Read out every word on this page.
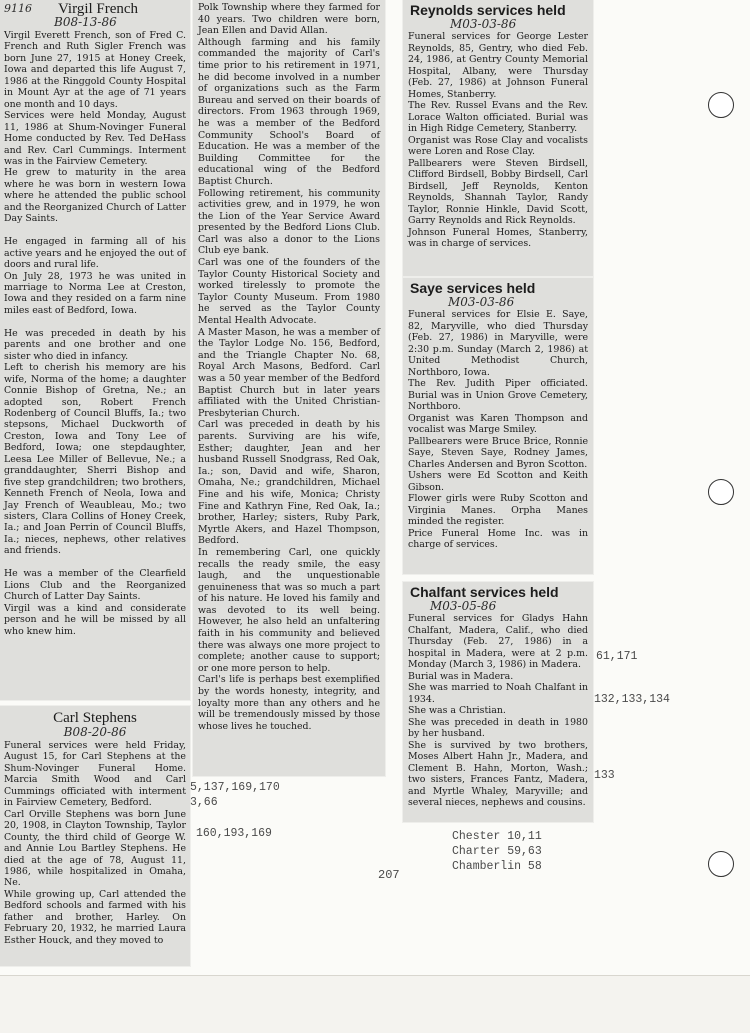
9116 Virgil French
B08-13-86
Virgil Everett French, son of Fred C. French and Ruth Sigler French was born June 27, 1915 at Honey Creek, Iowa and departed this life August 7, 1986 at the Ringgold County Hospital in Mount Ayr at the age of 71 years one month and 10 days.
Services were held Monday, August 11, 1986 at Shum-Novinger Funeral Home conducted by Rev. Ted DeHass and Rev. Carl Cummings. Interment was in the Fairview Cemetery.
He grew to maturity in the area where he was born in western Iowa where he attended the public school and the Reorganized Church of Latter Day Saints.

He engaged in farming all of his active years and he enjoyed the out of doors and rural life.
On July 28, 1973 he was united in marriage to Norma Lee at Creston, Iowa and they resided on a farm nine miles east of Bedford, Iowa.

He was preceded in death by his parents and one brother and one sister who died in infancy.
Left to cherish his memory are his wife, Norma of the home; a daughter Connie Bishop of Gretna, Ne.; an adopted son, Robert French Rodenberg of Council Bluffs, Ia.; two stepsons, Michael Duckworth of Creston, Iowa and Tony Lee of Bedford, Iowa; one stepdaughter, Leesa Lee Miller of Bellevue, Ne.; a granddaughter, Sherri Bishop and five step grandchildren; two brothers, Kenneth French of Neola, Iowa and Jay French of Weaubleau, Mo.; two sisters, Clara Collins of Honey Creek, Ia.; and Joan Perrin of Council Bluffs, Ia.; nieces, nephews, other relatives and friends.

He was a member of the Clearfield Lions Club and the Reorganized Church of Latter Day Saints.
Virgil was a kind and considerate person and he will be missed by all who knew him.
Carl Stephens
B08-20-86
Funeral services were held Friday, August 15, for Carl Stephens at the Shum-Novinger Funeral Home. Marcia Smith Wood and Carl Cummings officiated with interment in Fairview Cemetery, Bedford.
Carl Orville Stephens was born June 20, 1908, in Clayton Township, Taylor County, the third child of George W. and Annie Lou Bartley Stephens. He died at the age of 78, August 11, 1986, while hospitalized in Omaha, Ne.
While growing up, Carl attended the Bedford schools and farmed with his father and brother, Harley. On February 20, 1932, he married Laura Esther Houck, and they moved to
Polk Township where they farmed for 40 years. Two children were born, Jean Ellen and David Allan.
Although farming and his family commanded the majority of Carl's time prior to his retirement in 1971, he did become involved in a number of organizations such as the Farm Bureau and served on their boards of directors. From 1963 through 1969, he was a member of the Bedford Community School's Board of Education. He was a member of the Building Committee for the educational wing of the Bedford Baptist Church.
Following retirement, his community activities grew, and in 1979, he won the Lion of the Year Service Award presented by the Bedford Lions Club. Carl was also a donor to the Lions Club eye bank.
Carl was one of the founders of the Taylor County Historical Society and worked tirelessly to promote the Taylor County Museum. From 1980 he served as the Taylor County Mental Health Advocate.
A Master Mason, he was a member of the Taylor Lodge No. 156, Bedford, and the Triangle Chapter No. 68, Royal Arch Masons, Bedford. Carl was a 50 year member of the Bedford Baptist Church but in later years affiliated with the United Christian-Presbyterian Church.
Carl was preceded in death by his parents. Surviving are his wife, Esther; daughter, Jean and her husband Russell Snodgrass, Red Oak, Ia.; son, David and wife, Sharon, Omaha, Ne.; grandchildren, Michael Fine and his wife, Monica; Christy Fine and Kathryn Fine, Red Oak, Ia.; brother, Harley; sisters, Ruby Park, Myrtle Akers, and Hazel Thompson, Bedford.
In remembering Carl, one quickly recalls the ready smile, the easy laugh, and the unquestionable genuineness that was so much a part of his nature. He loved his family and was devoted to its well being. However, he also held an unfaltering faith in his community and believed there was always one more project to complete; another cause to support; or one more person to help.
Carl's life is perhaps best exemplified by the words honesty, integrity, and loyalty more than any others and he will be tremendously missed by those whose lives he touched.
Reynolds services held
M03-03-86
Funeral services for George Lester Reynolds, 85, Gentry, who died Feb. 24, 1986, at Gentry County Memorial Hospital, Albany, were Thursday (Feb. 27, 1986) at Johnson Funeral Homes, Stanberry.
The Rev. Russel Evans and the Rev. Lorace Walton officiated. Burial was in High Ridge Cemetery, Stanberry.
Organist was Rose Clay and vocalists were Loren and Rose Clay.
Pallbearers were Steven Birdsell, Clifford Birdsell, Bobby Birdsell, Carl Birdsell, Jeff Reynolds, Kenton Reynolds, Shannah Taylor, Randy Taylor, Ronnie Hinkle, David Scott, Garry Reynolds and Rick Reynolds.
Johnson Funeral Homes, Stanberry, was in charge of services.
Saye services held
M03-03-86
Funeral services for Elsie E. Saye, 82, Maryville, who died Thursday (Feb. 27, 1986) in Maryville, were 2:30 p.m. Sunday (March 2, 1986) at United Methodist Church, Northboro, Iowa.
The Rev. Judith Piper officiated. Burial was in Union Grove Cemetery, Northboro.
Organist was Karen Thompson and vocalist was Marge Smiley.
Pallbearers were Bruce Brice, Ronnie Saye, Steven Saye, Rodney James, Charles Andersen and Byron Scotton.
Ushers were Ed Scotton and Keith Gibson.
Flower girls were Ruby Scotton and Virginia Manes. Orpha Manes minded the register.
Price Funeral Home Inc. was in charge of services.
Chalfant services held
M03-05-86
Funeral services for Gladys Hahn Chalfant, Madera, Calif., who died Thursday (Feb. 27, 1986) in a hospital in Madera, were at 2 p.m. Monday (March 3, 1986) in Madera.
Burial was in Madera.
She was married to Noah Chalfant in 1934.
She was a Christian.
She was preceded in death in 1980 by her husband.
She is survived by two brothers, Moses Albert Hahn Jr., Madera, and Clement B. Hahn, Morton, Wash.; two sisters, Frances Fantz, Madera, and Myrtle Whaley, Maryville; and several nieces, nephews and cousins.
61,171
132,133,134
133
5,137,169,170
3,66
160,193,169	Chester 10,11
Charter 59,63
Chamberlin 58
207
